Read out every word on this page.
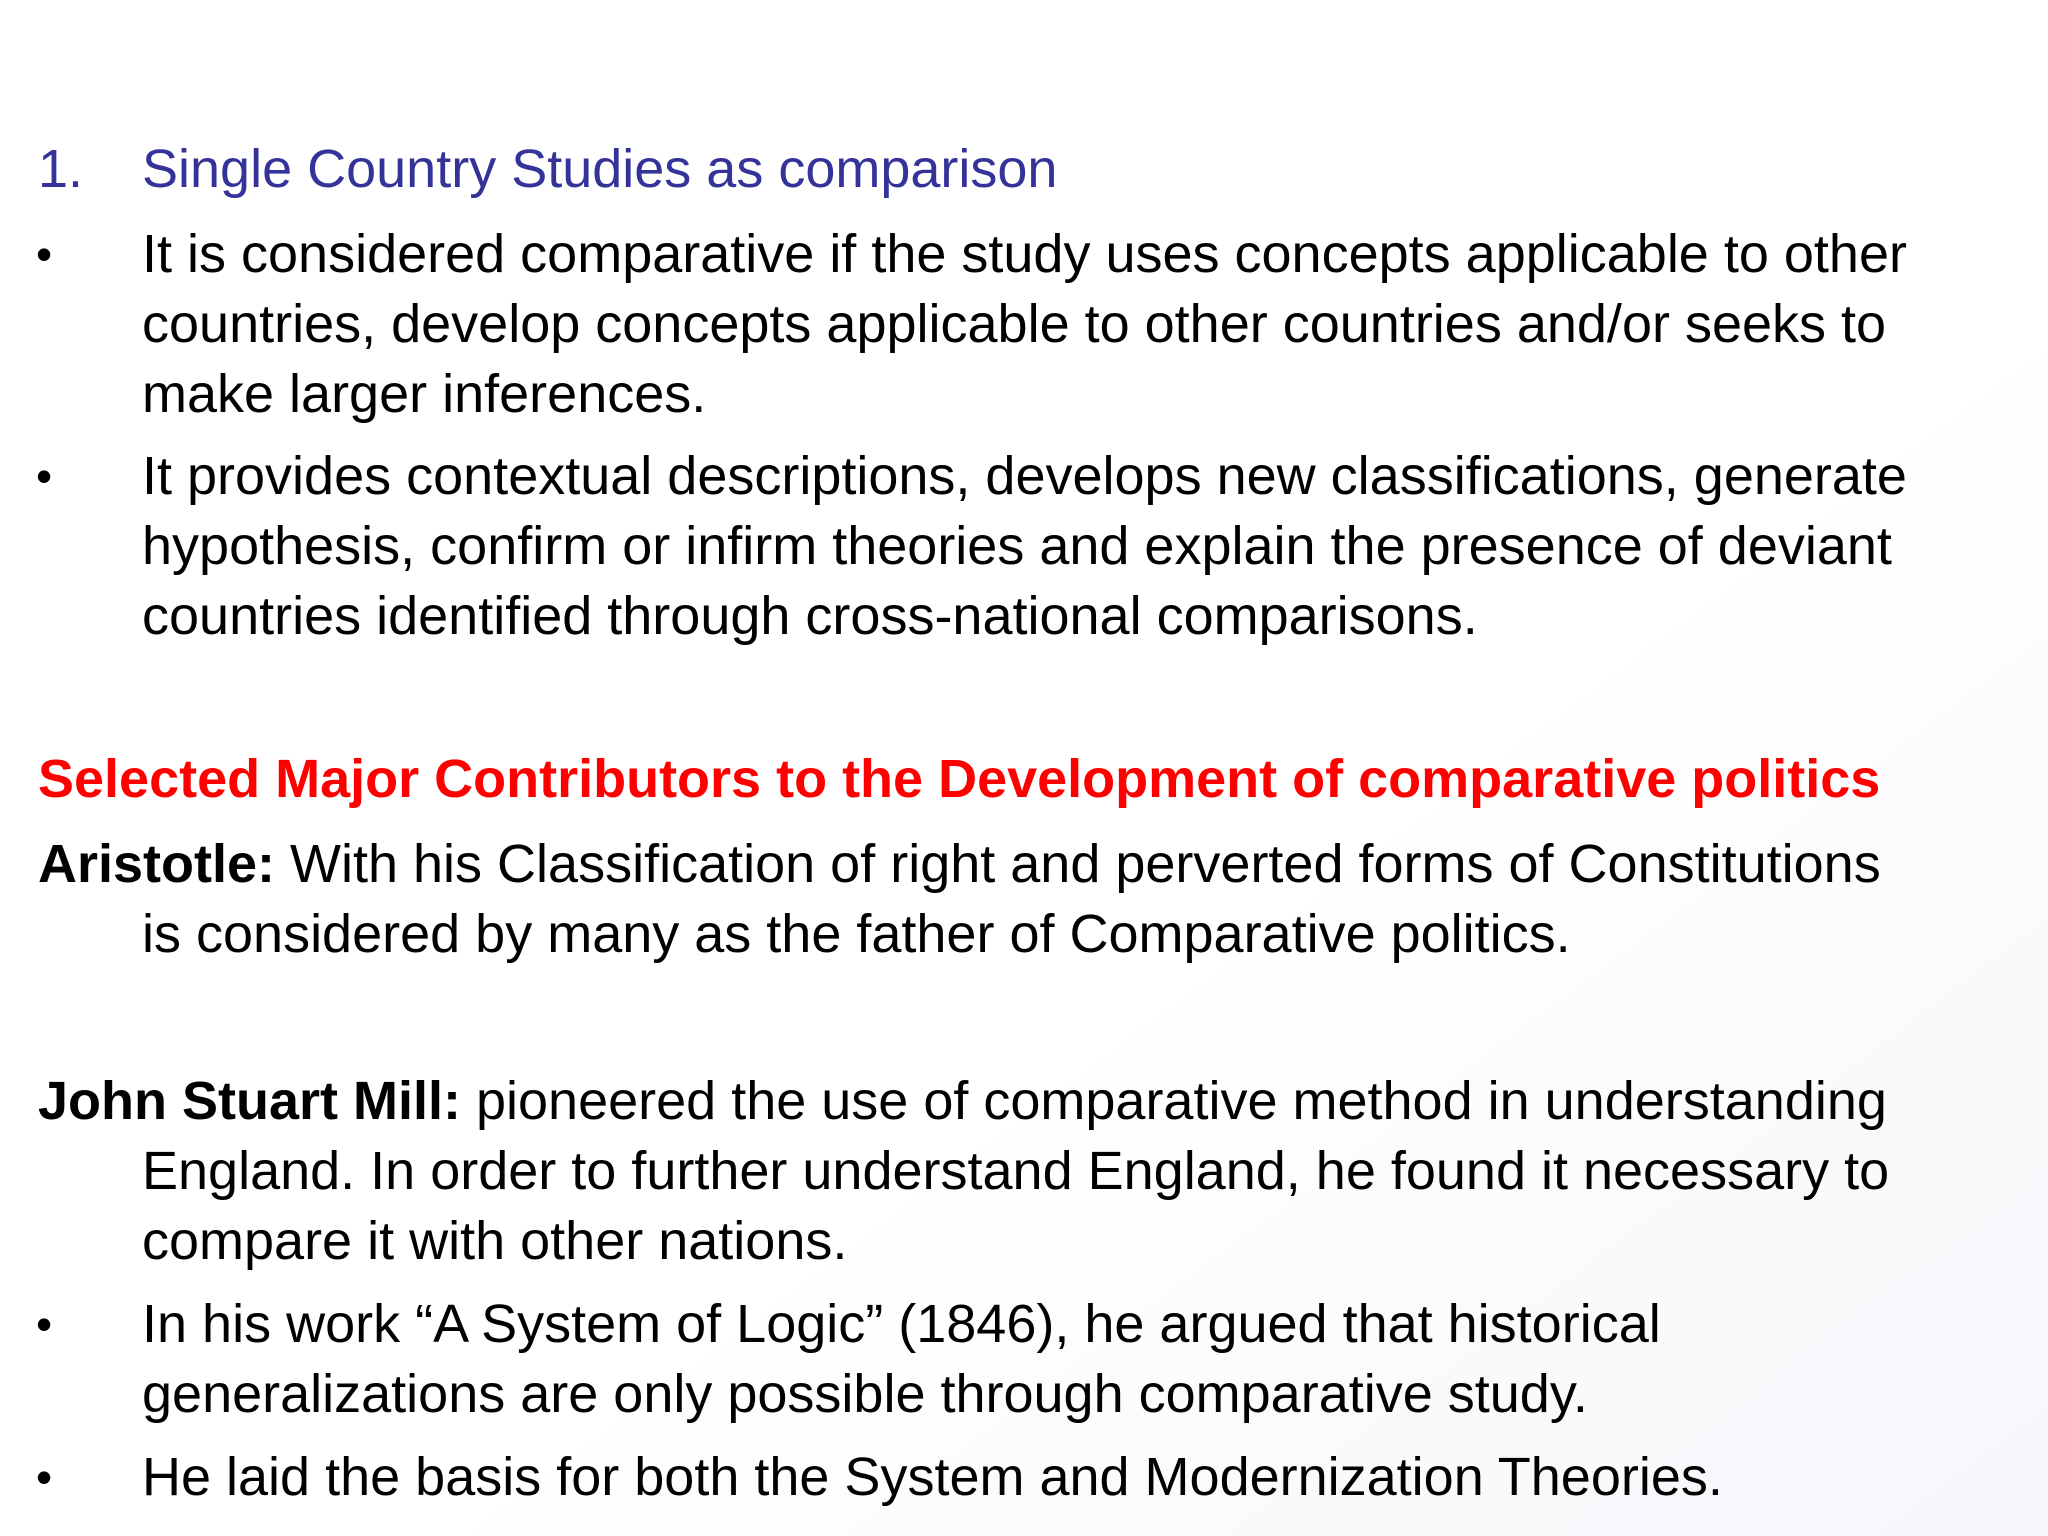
1. Single Country Studies as comparison
• It is considered comparative if the study uses concepts applicable to other
countries, develop concepts applicable to other countries and/or seeks to
make larger inferences.
• It provides contextual descriptions, develops new classifications, generate
hypothesis, confirm or infirm theories and explain the presence of deviant
countries identified through cross-national comparisons.
Selected Major Contributors to the Development of comparative politics
Aristotle: With his Classification of right and perverted forms of Constitutions
is considered by many as the father of Comparative politics.
John Stuart Mill: pioneered the use of comparative method in understanding
England. In order to further understand England, he found it necessary to
compare it with other nations.
• In his work “A System of Logic” (1846), he argued that historical
generalizations are only possible through comparative study.
• He laid the basis for both the System and Modernization Theories.
